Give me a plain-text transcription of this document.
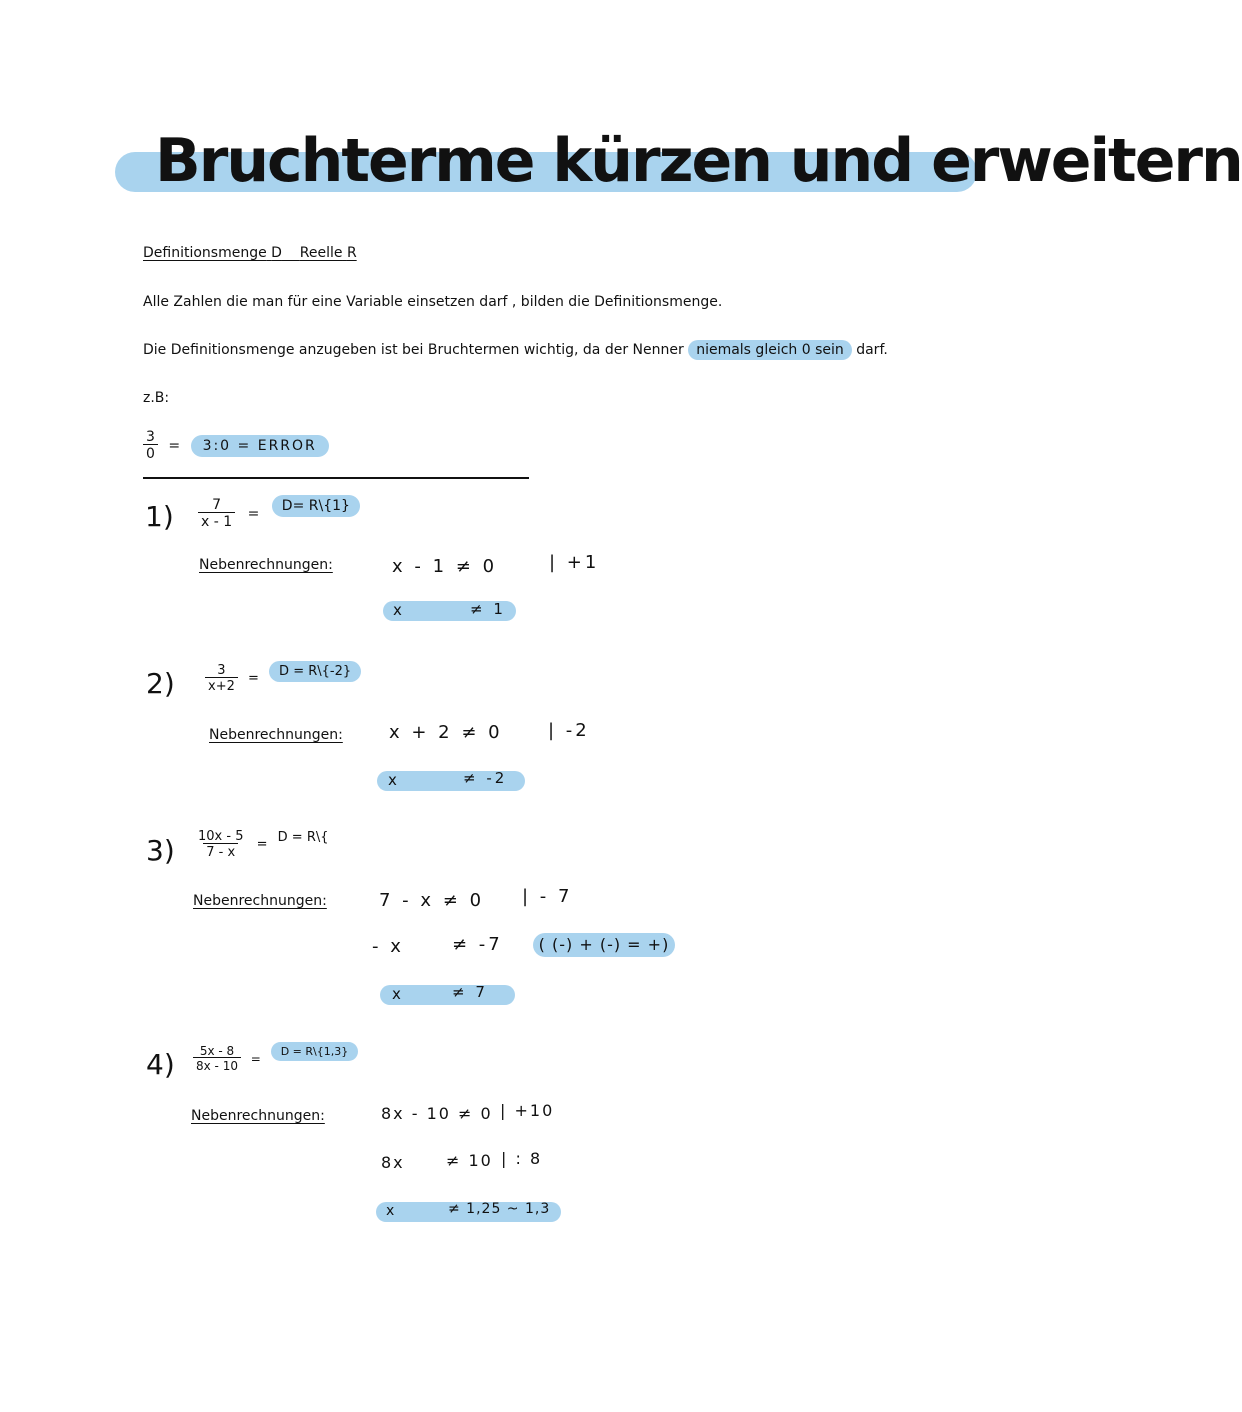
Bruchterme kürzen und erweitern
Definitionsmenge D Reelle R
Alle Zahlen die man für eine Variable einsetzen darf , bilden die Definitionsmenge.
Die Definitionsmenge anzugeben ist bei Bruchtermen wichtig, da der Nenner niemals gleich 0 sein darf.
z.B:
$\frac{3}{0}$ = 3:0 = ERROR
$1) \frac{7}{x - 1} = D=$ R\{1}
Nebenrechnungen:	x - 1 ≠ 0	| +1
x	≠ 1
$2) \frac{3}{x+2} = D$ = R\{-2}
Nebenrechnungen:	x + 2 ≠ 0	| -2
x	≠ -2
$3) \frac{10x - 5}{7 - x} = D$ = R\{
Nebenrechnungen:	7 - x ≠ 0 | - 7
- x	≠ -7	( (-) + (-) = +)
x	≠ 7
$4) \frac{5x - 8}{8x - 10} = D$ = R\{1,3}
Nebenrechnungen:	8x - 10 ≠ 0 | +10
8x	≠ 10 | : 8
x	≠ 1,25 ~ 1,3
